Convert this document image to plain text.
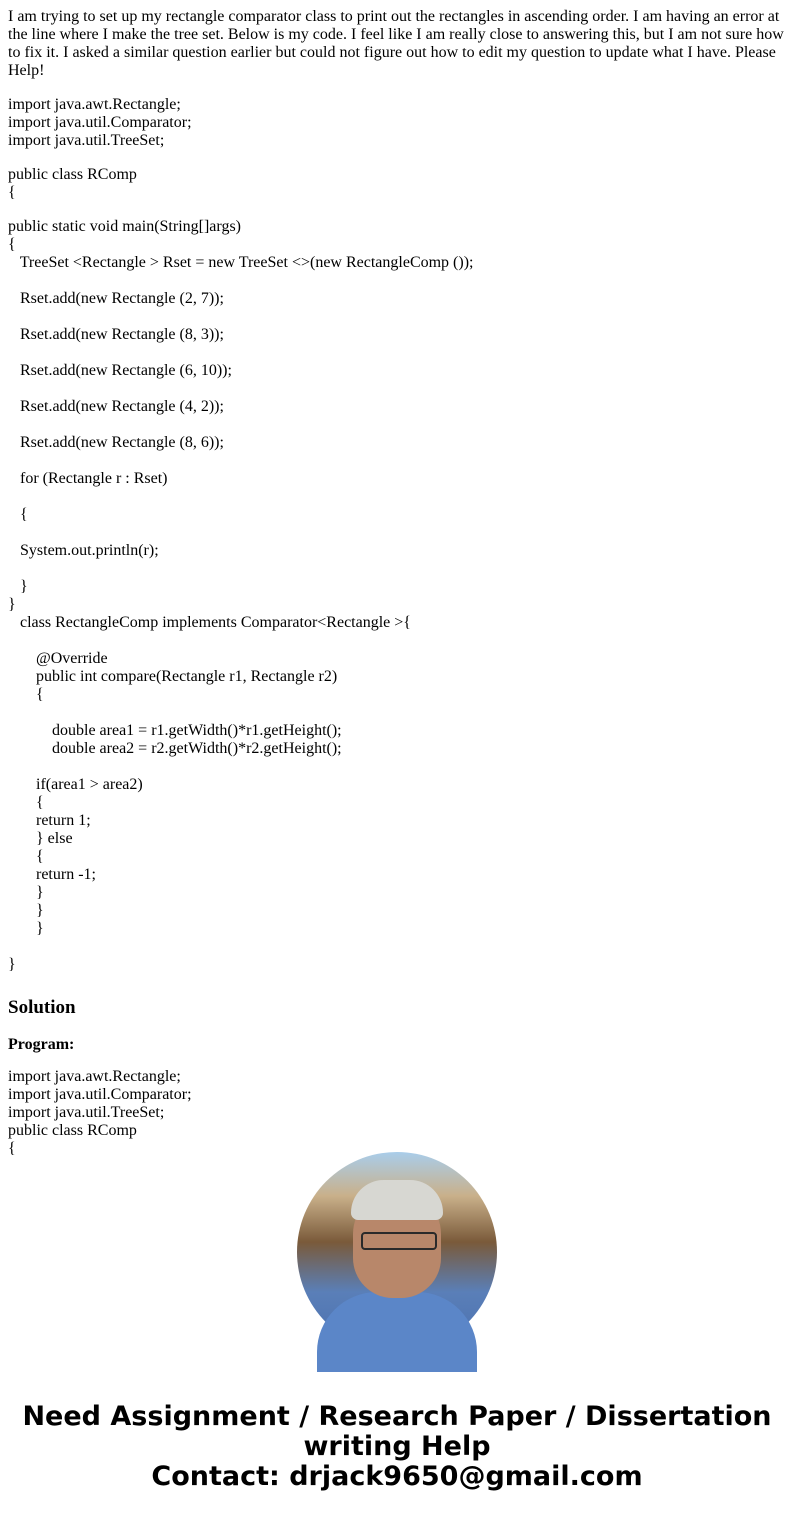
I am trying to set up my rectangle comparator class to print out the rectangles in ascending order. I am having an error at the line where I make the tree set. Below is my code. I feel like I am really close to answering this, but I am not sure how to fix it. I asked a similar question earlier but could not figure out how to edit my question to update what I have. Please Help!

import java.awt.Rectangle;
import java.util.Comparator;
import java.util.TreeSet;
public class RComp
{
public static void main(String[]args)
{
TreeSet <Rectangle > Rset = new TreeSet <>(new RectangleComp ());
Rset.add(new Rectangle (2, 7));
Rset.add(new Rectangle (8, 3));
Rset.add(new Rectangle (6, 10));
Rset.add(new Rectangle (4, 2));
Rset.add(new Rectangle (8, 6));
for (Rectangle r : Rset)
{
System.out.println(r);
}
}
class RectangleComp implements Comparator<Rectangle >{
@Override
public int compare(Rectangle r1, Rectangle r2)
{
double area1 = r1.getWidth()*r1.getHeight();
double area2 = r2.getWidth()*r2.getHeight();
if(area1 > area2)
{
return 1;
} else
{
return -1;
}
}
}
}
Solution
Program:
import java.awt.Rectangle;
import java.util.Comparator;
import java.util.TreeSet;
public class RComp
{
Need Assignment / Research Paper / Dissertation
writing Help
Contact: drjack9650@gmail.com
